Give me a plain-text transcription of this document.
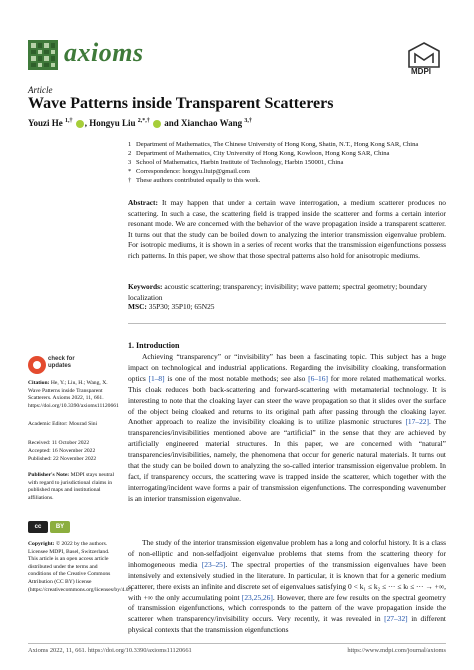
axioms
MDPI
Article
Wave Patterns inside Transparent Scatterers
Youzi He $^{1,\dagger}$ , Hongyu Liu $^{2,*,\dagger}$ and Xianchao Wang $^{3,\dagger}$
1 Department of Mathematics, The Chinese University of Hong Kong, Shatin, N.T., Hong Kong SAR, China
2 Department of Mathematics, City University of Hong Kong, Kowloon, Hong Kong SAR, China
3 School of Mathematics, Harbin Institute of Technology, Harbin 150001, China
* Correspondence: hongyu.liuip@gmail.com
† These authors contributed equally to this work.
Abstract: It may happen that under a certain wave interrogation, a medium scatterer produces no scattering. In such a case, the scattering field is trapped inside the scatterer and forms a certain interior resonant mode. We are concerned with the behavior of the wave propagation inside a transparent scatterer. It turns out that the study can be boiled down to analyzing the interior transmission eigenvalue problem. For isotropic mediums, it is shown in a series of recent works that the transmission eigenfunctions possess rich patterns. In this paper, we show that those spectral patterns also hold for anisotropic mediums.
Keywords: acoustic scattering; transparency; invisibility; wave pattern; spectral geometry; boundary localization
MSC: 35P30; 35P10; 65N25
check for
updates
Citation: He, Y.; Liu, H.; Wang, X. Wave Patterns inside Transparent Scatterers. Axioms 2022, 11, 661. https://doi.org/10.3390/axioms11120661
Academic Editor: Mourad Sini
Received: 11 October 2022
Accepted: 16 November 2022
Published: 22 November 2022
Publisher's Note: MDPI stays neutral with regard to jurisdictional claims in published maps and institutional affiliations.
cc	BY
Copyright: © 2022 by the authors. Licensee MDPI, Basel, Switzerland. This article is an open access article distributed under the terms and conditions of the Creative Commons Attribution (CC BY) license (https://creativecommons.org/licenses/by/4.0/).
1. Introduction
Achieving “transparency” or “invisibility” has been a fascinating topic. This subject has a huge impact on technological and industrial applications. Regarding the invisibility cloaking, transformation optics [1–8] is one of the most notable methods; see also [6–16] for more related mathematical works. This cloak reduces both back-scattering and forward-scattering with metamaterial technology. It is interesting to note that the cloaking layer can steer the wave propagation so that it slides over the surface of the object being cloaked and returns to its original path after passing through the cloaking layer. Another approach to realize the invisibility cloaking is to utilize plasmonic structures [17–22]. The transparencies/invisibilities mentioned above are “artificial” in the sense that they are achieved by artificially engineered material structures. In this paper, we are concerned with “natural” transparencies/invisibilities, namely, the phenomena that occur for generic natural materials. It turns out that the study can be boiled down to analyzing the so-called interior transmission eigenvalue problem. In fact, if transparency occurs, the scattering wave is trapped inside the scatterer, which together with the interrogating/incident wave forms a pair of transmission eigenfunctions. The corresponding wavenumber is an interior transmission eigenvalue.
The study of the interior transmission eigenvalue problem has a long and colorful history. It is a class of non-elliptic and non-selfadjoint eigenvalue problems that stems from the scattering theory for inhomogeneous media [23–25]. The spectral properties of the transmission eigenvalues have been intensively and extensively studied in the literature. In particular, it is known that for a generic medium scatterer, there exists an infinite and discrete set of eigenvalues satisfying 0 < k₁ ≤ k₂ ≤ ··· ≤ kₗ ≤ ··· → +∞, with +∞ the only accumulating point [23,25,26]. However, there are few results on the spectral geometry of transmission eigenfunctions, which corresponds to the pattern of the wave propagation inside the scatterer when transparency/invisibility occurs. Very recently, it was revealed in [27–32] in different physical contexts that the transmission eigenfunctions
Axioms 2022, 11, 661. https://doi.org/10.3390/axioms11120661	https://www.mdpi.com/journal/axioms
